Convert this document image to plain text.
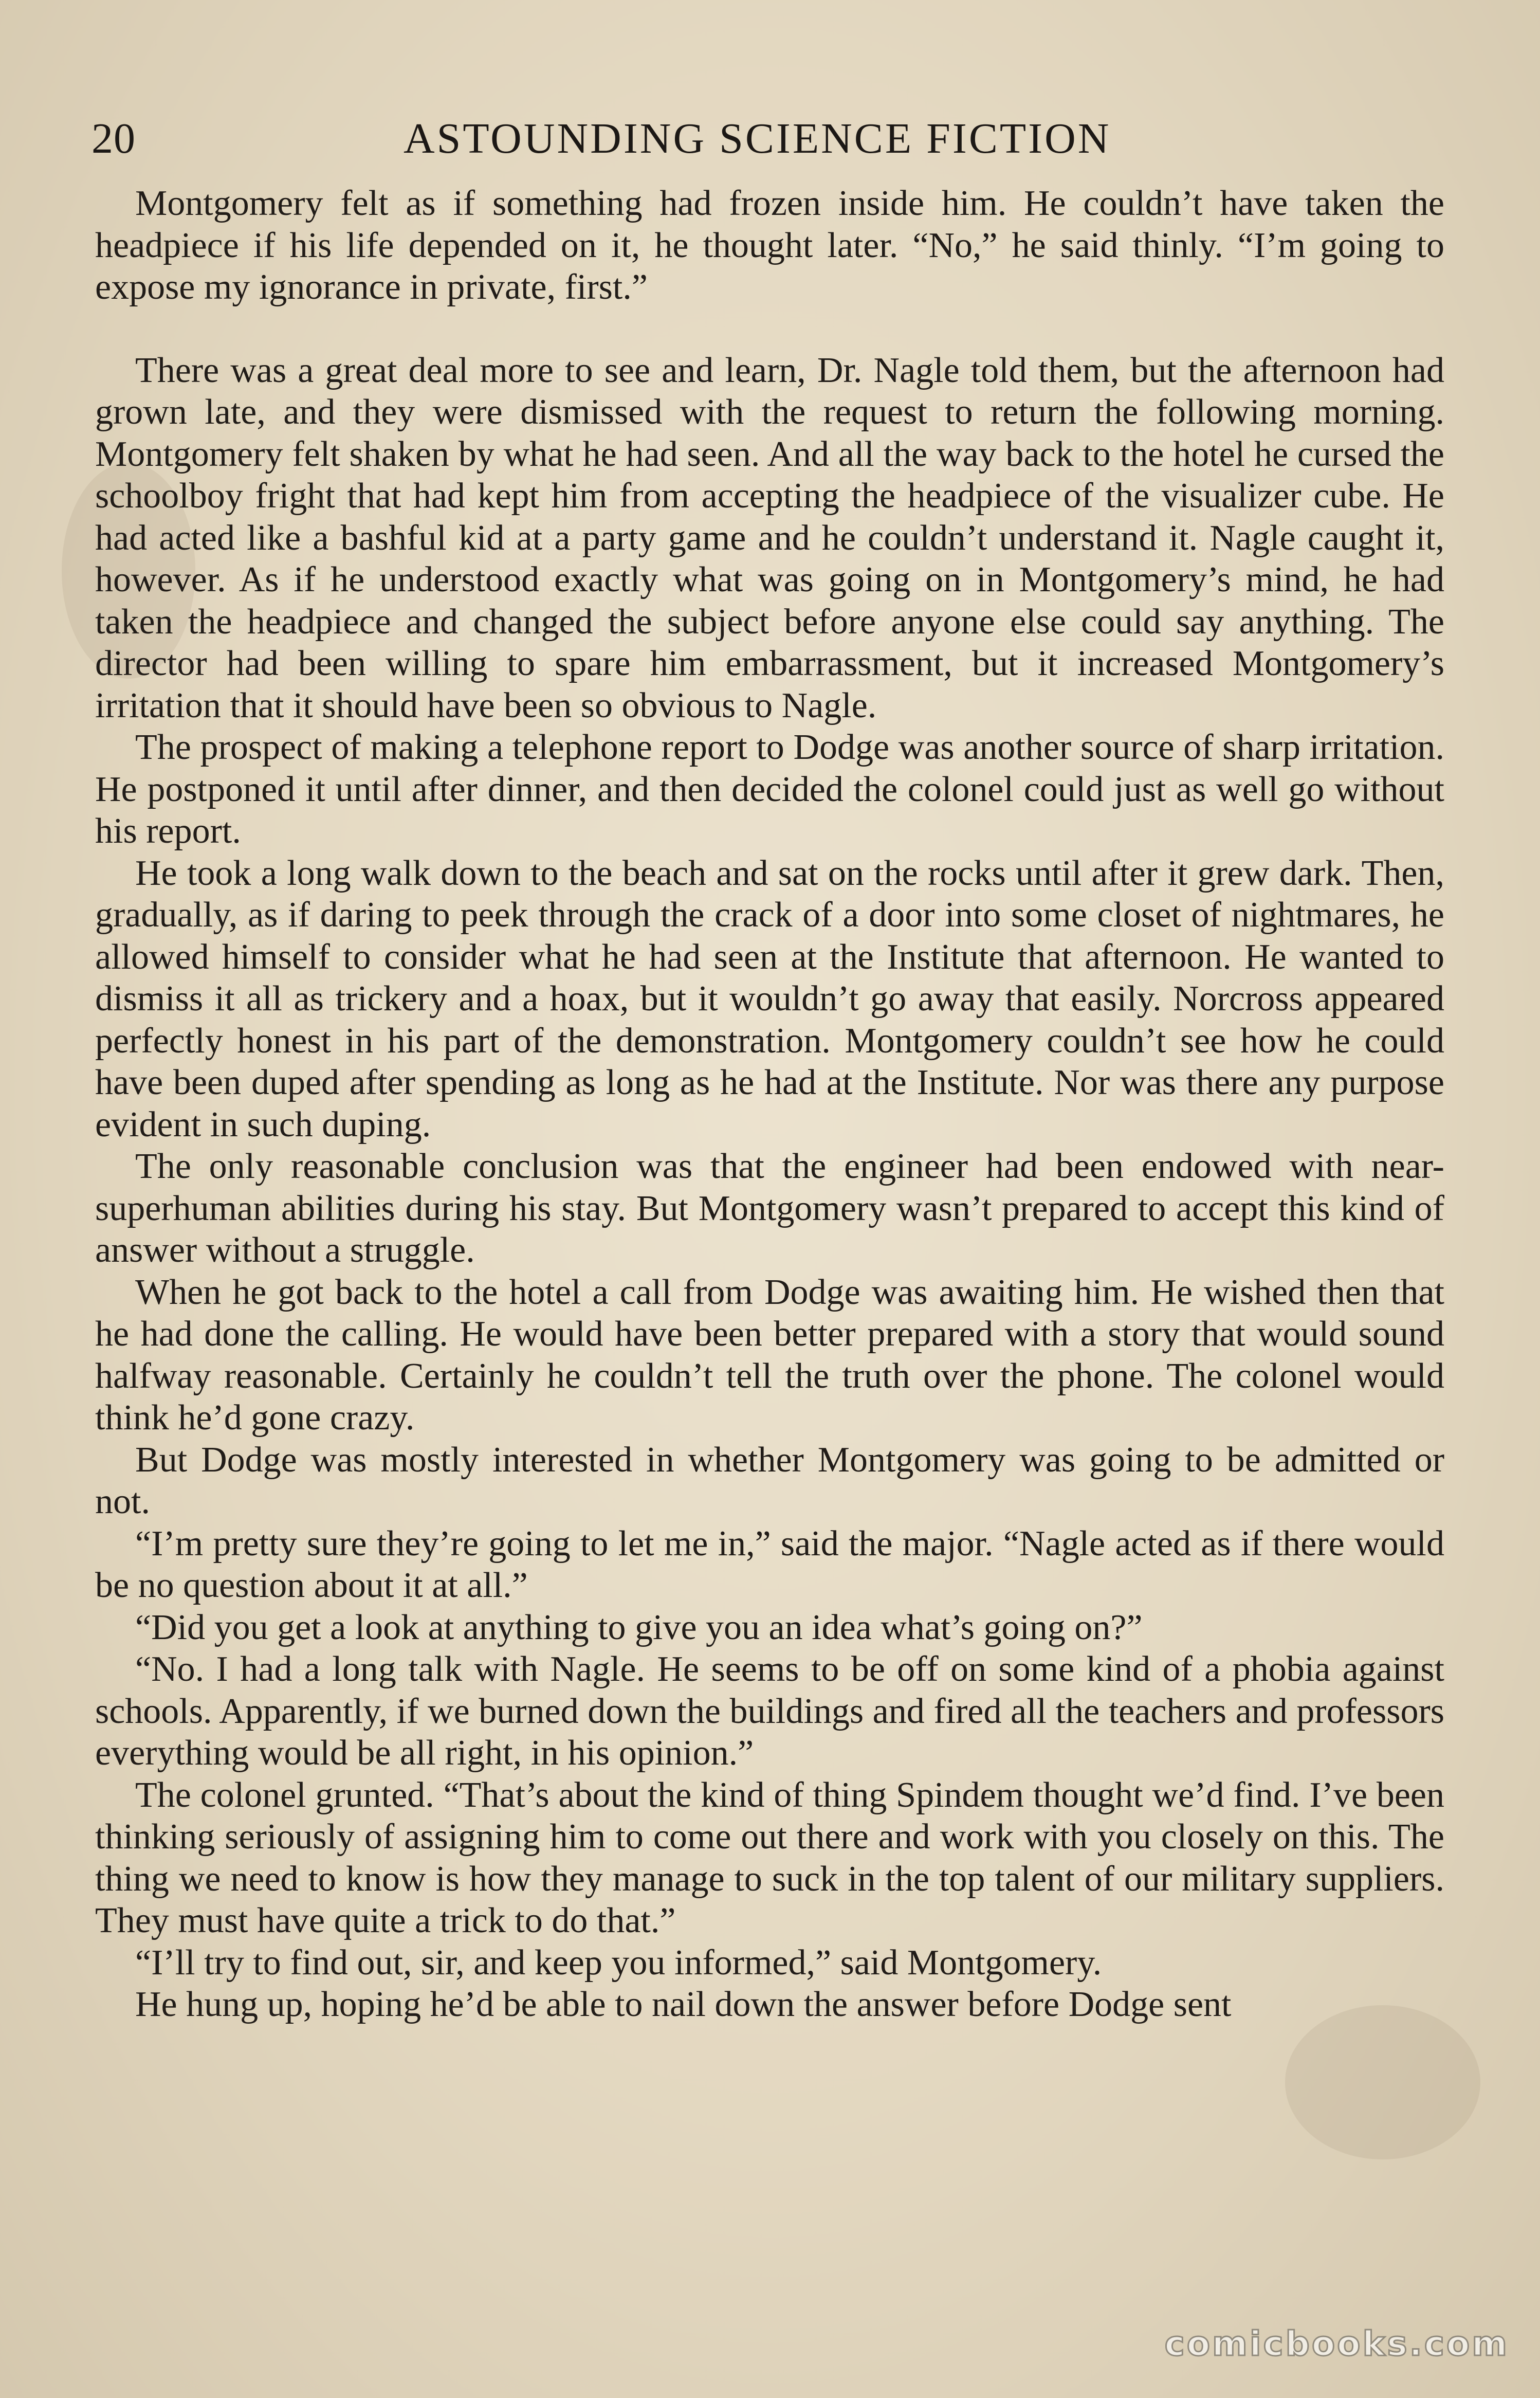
20	ASTOUNDING SCIENCE FICTION

Montgomery felt as if something had frozen inside him. He couldn’t have taken the headpiece if his life depended on it, he thought later. “No,” he said thinly. “I’m going to expose my ignorance in private, first.”

There was a great deal more to see and learn, Dr. Nagle told them, but the afternoon had grown late, and they were dismissed with the request to return the following morning. Montgomery felt shaken by what he had seen. And all the way back to the hotel he cursed the schoolboy fright that had kept him from accepting the headpiece of the visualizer cube. He had acted like a bashful kid at a party game and he couldn’t understand it. Nagle caught it, however. As if he understood exactly what was going on in Montgomery’s mind, he had taken the headpiece and changed the subject before anyone else could say anything. The director had been willing to spare him embarrassment, but it increased Montgomery’s irritation that it should have been so obvious to Nagle.

The prospect of making a telephone report to Dodge was another source of sharp irritation. He postponed it until after dinner, and then decided the colonel could just as well go without his report.

He took a long walk down to the beach and sat on the rocks until after it grew dark. Then, gradually, as if daring to peek through the crack of a door into some closet of nightmares, he allowed himself to consider what he had seen at the Institute that afternoon. He wanted to dismiss it all as trickery and a hoax, but it wouldn’t go away that easily. Norcross appeared perfectly honest in his part of the demonstration. Montgomery couldn’t see how he could have been duped after spending as long as he had at the Institute. Nor was there any purpose evident in such duping.

The only reasonable conclusion was that the engineer had been endowed with near-superhuman abilities during his stay. But Montgomery wasn’t prepared to accept this kind of answer without a struggle.

When he got back to the hotel a call from Dodge was awaiting him. He wished then that he had done the calling. He would have been better prepared with a story that would sound halfway reasonable. Certainly he couldn’t tell the truth over the phone. The colonel would think he’d gone crazy.

But Dodge was mostly interested in whether Montgomery was going to be admitted or not.

“I’m pretty sure they’re going to let me in,” said the major. “Nagle acted as if there would be no question about it at all.”

“Did you get a look at anything to give you an idea what’s going on?”

“No. I had a long talk with Nagle. He seems to be off on some kind of a phobia against schools. Apparently, if we burned down the buildings and fired all the teachers and professors everything would be all right, in his opinion.”

The colonel grunted. “That’s about the kind of thing Spindem thought we’d find. I’ve been thinking seriously of assigning him to come out there and work with you closely on this. The thing we need to know is how they manage to suck in the top talent of our military suppliers. They must have quite a trick to do that.”

“I’ll try to find out, sir, and keep you informed,” said Montgomery.

He hung up, hoping he’d be able to nail down the answer before Dodge sent

comicbooks.com
